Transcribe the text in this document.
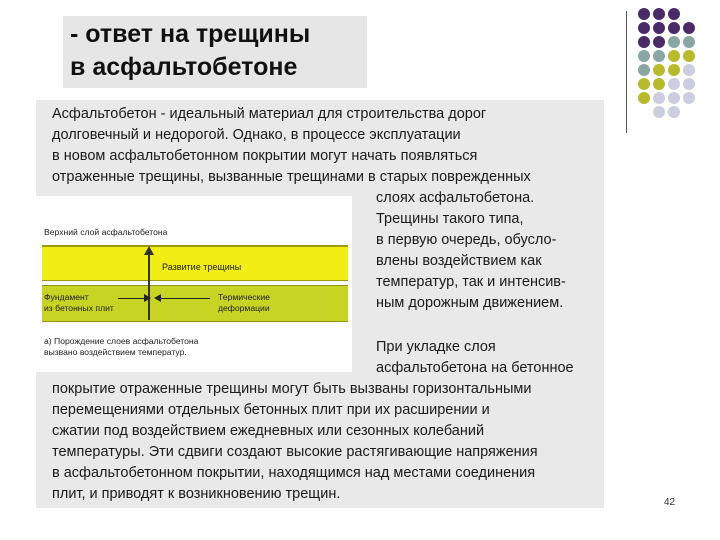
- ответ на трещины
в асфальтобетоне
Асфальтобетон - идеальный материал для строительства дорог
долговечный и недорогой. Однако, в процессе эксплуатации
в новом асфальтобетонном покрытии могут начать появляться
отраженные трещины, вызванные трещинами в старых поврежденных
слоях асфальтобетона.
Трещины такого типа,
в первую очередь, обусло-
влены воздействием как
температур, так и интенсив-
ным дорожным движением.
При укладке слоя
асфальтобетона на бетонное
покрытие отраженные трещины могут быть вызваны горизонтальными
перемещениями отдельных бетонных плит при их расширении и
сжатии под воздействием ежедневных или сезонных колебаний
температуры. Эти сдвиги создают высокие растягивающие напряжения
в асфальтобетонном покрытии, находящимся над местами соединения
плит, и приводят к возникновению трещин.
Верхний слой асфальтобетона
Развитие трещины
Фундамент
из бетонных плит
Термические
деформации
а) Порождение слоев асфальтобетона
вызвано воздействием температур.
42
